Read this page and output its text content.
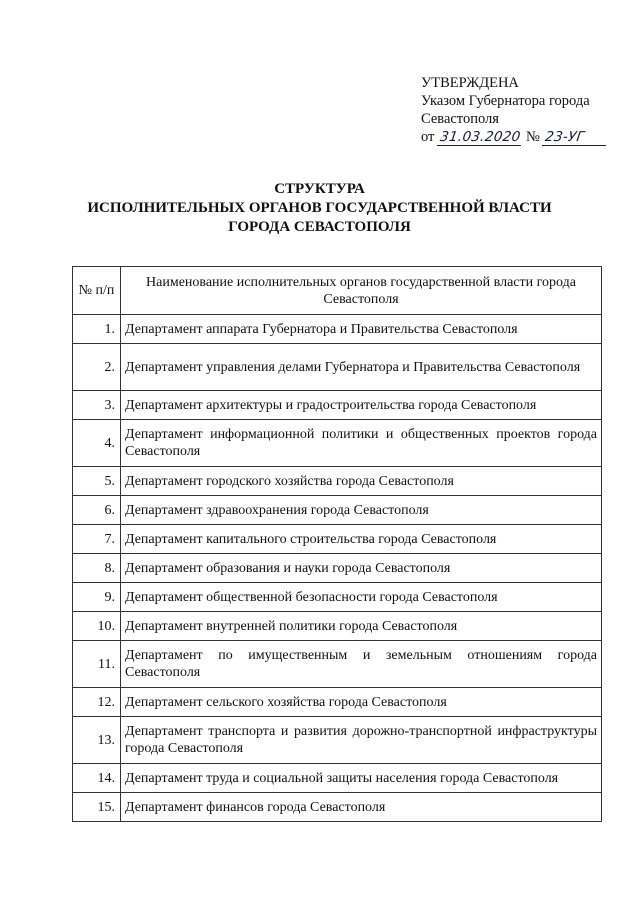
УТВЕРЖДЕНА
Указом Губернатора города
Севастополя
от 31.03.2020 № 23-УГ
СТРУКТУРА
ИСПОЛНИТЕЛЬНЫХ ОРГАНОВ ГОСУДАРСТВЕННОЙ ВЛАСТИ
ГОРОДА СЕВАСТОПОЛЯ
№ п/п	Наименование исполнительных органов государственной власти города Севастополя
1.	Департамент аппарата Губернатора и Правительства Севастополя
2.	Департамент управления делами Губернатора и Правительства Севастополя
3.	Департамент архитектуры и градостроительства города Севастополя
4.	Департамент информационной политики и общественных проектов города Севастополя
5.	Департамент городского хозяйства города Севастополя
6.	Департамент здравоохранения города Севастополя
7.	Департамент капитального строительства города Севастополя
8.	Департамент образования и науки города Севастополя
9.	Департамент общественной безопасности города Севастополя
10.	Департамент внутренней политики города Севастополя
11.	Департамент по имущественным и земельным отношениям города Севастополя
12.	Департамент сельского хозяйства города Севастополя
13.	Департамент транспорта и развития дорожно-транспортной инфраструктуры города Севастополя
14.	Департамент труда и социальной защиты населения города Севастополя
15.	Департамент финансов города Севастополя
